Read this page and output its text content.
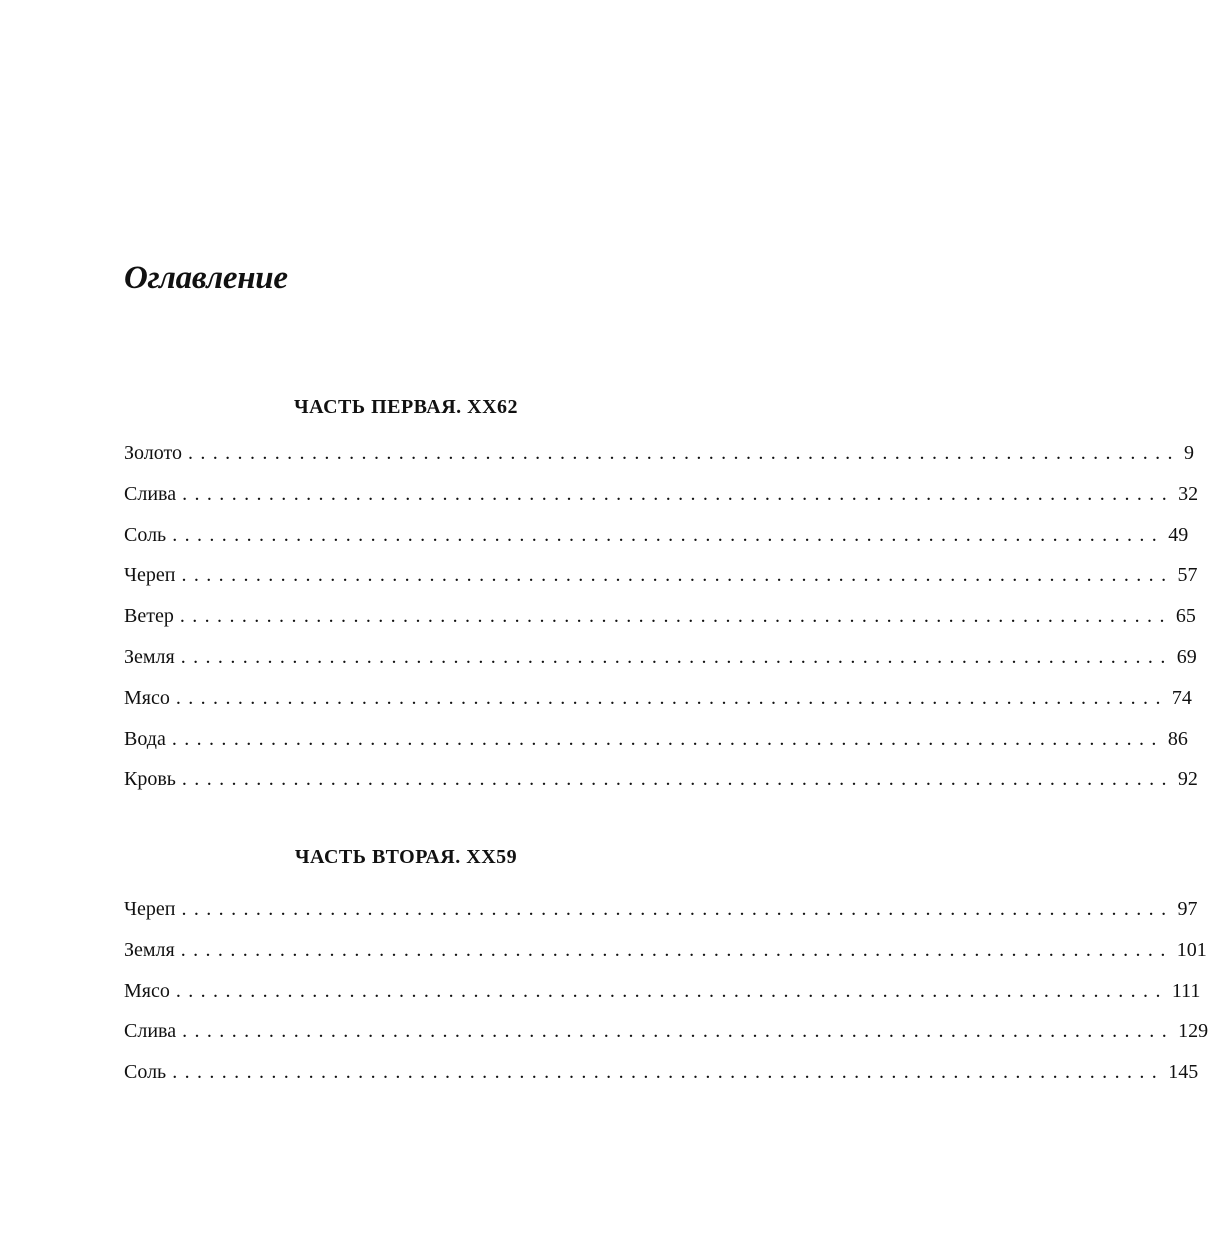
Оглавление
ЧАСТЬ ПЕРВАЯ. XX62
Золото ................................................................................ 9
Слива ................................................................................ 32
Соль ................................................................................ 49
Череп ................................................................................ 57
Ветер ................................................................................ 65
Земля ................................................................................ 69
Мясо ................................................................................ 74
Вода ................................................................................ 86
Кровь ................................................................................ 92
ЧАСТЬ ВТОРАЯ. XX59
Череп ................................................................................ 97
Земля ................................................................................ 101
Мясо ................................................................................ 111
Слива ................................................................................ 129
Соль ................................................................................ 145
